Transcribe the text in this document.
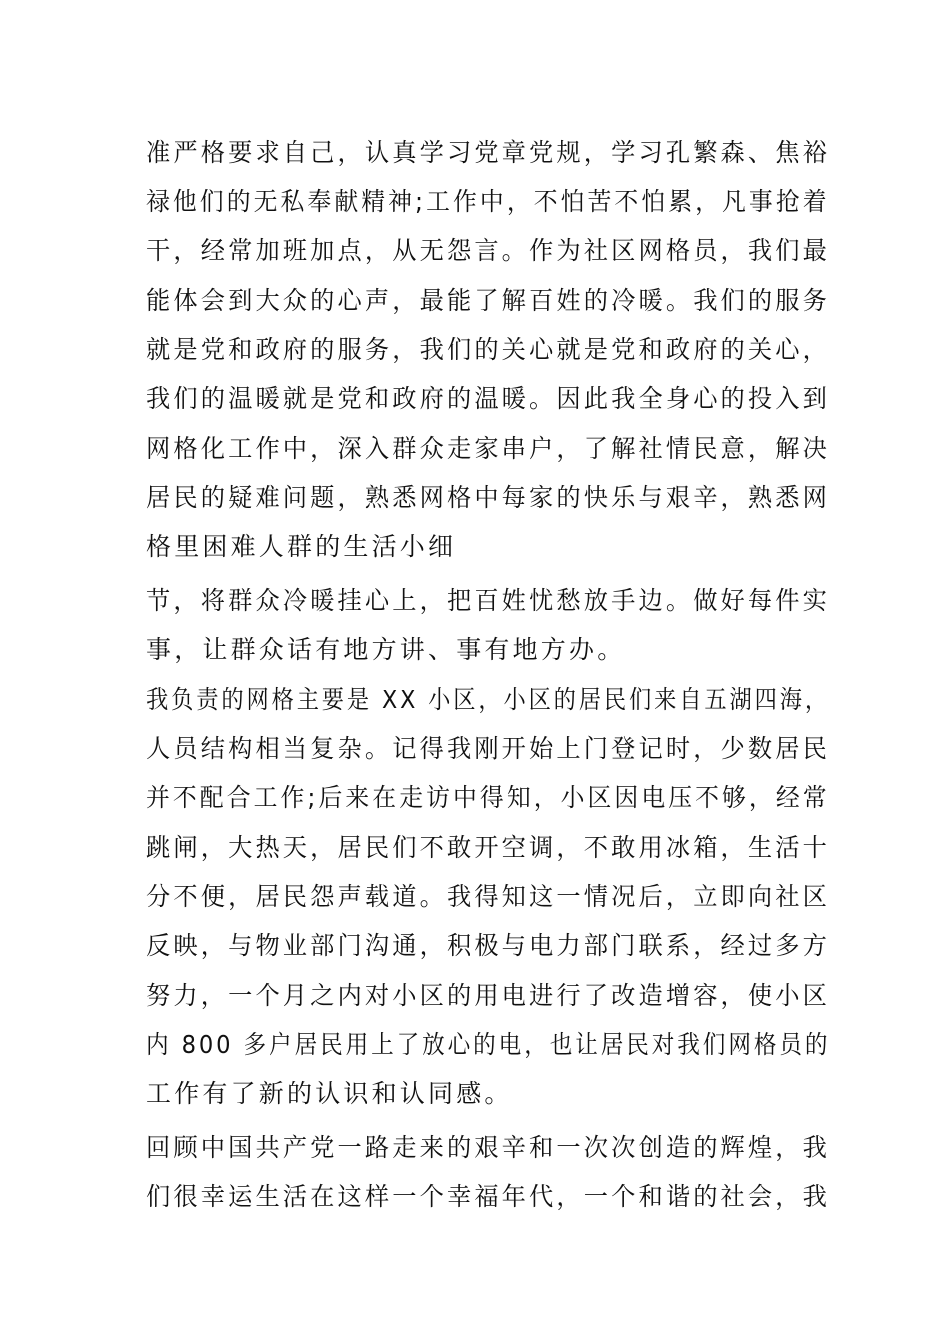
准严格要求自己，认真学习党章党规，学习孔繁森、焦裕
禄他们的无私奉献精神;工作中，不怕苦不怕累，凡事抢着
干，经常加班加点，从无怨言。作为社区网格员，我们最
能体会到大众的心声，最能了解百姓的冷暖。我们的服务
就是党和政府的服务，我们的关心就是党和政府的关心，
我们的温暖就是党和政府的温暖。因此我全身心的投入到
网格化工作中，深入群众走家串户，了解社情民意，解决
居民的疑难问题，熟悉网格中每家的快乐与艰辛，熟悉网
格里困难人群的生活小细
节，将群众冷暖挂心上，把百姓忧愁放手边。做好每件实
事，让群众话有地方讲、事有地方办。
我负责的网格主要是 XX 小区，小区的居民们来自五湖四海，
人员结构相当复杂。记得我刚开始上门登记时，少数居民
并不配合工作;后来在走访中得知，小区因电压不够，经常
跳闸，大热天，居民们不敢开空调，不敢用冰箱，生活十
分不便，居民怨声载道。我得知这一情况后，立即向社区
反映，与物业部门沟通，积极与电力部门联系，经过多方
努力，一个月之内对小区的用电进行了改造增容，使小区
内 800 多户居民用上了放心的电，也让居民对我们网格员的
工作有了新的认识和认同感。
回顾中国共产党一路走来的艰辛和一次次创造的辉煌，我
们很幸运生活在这样一个幸福年代，一个和谐的社会，我
